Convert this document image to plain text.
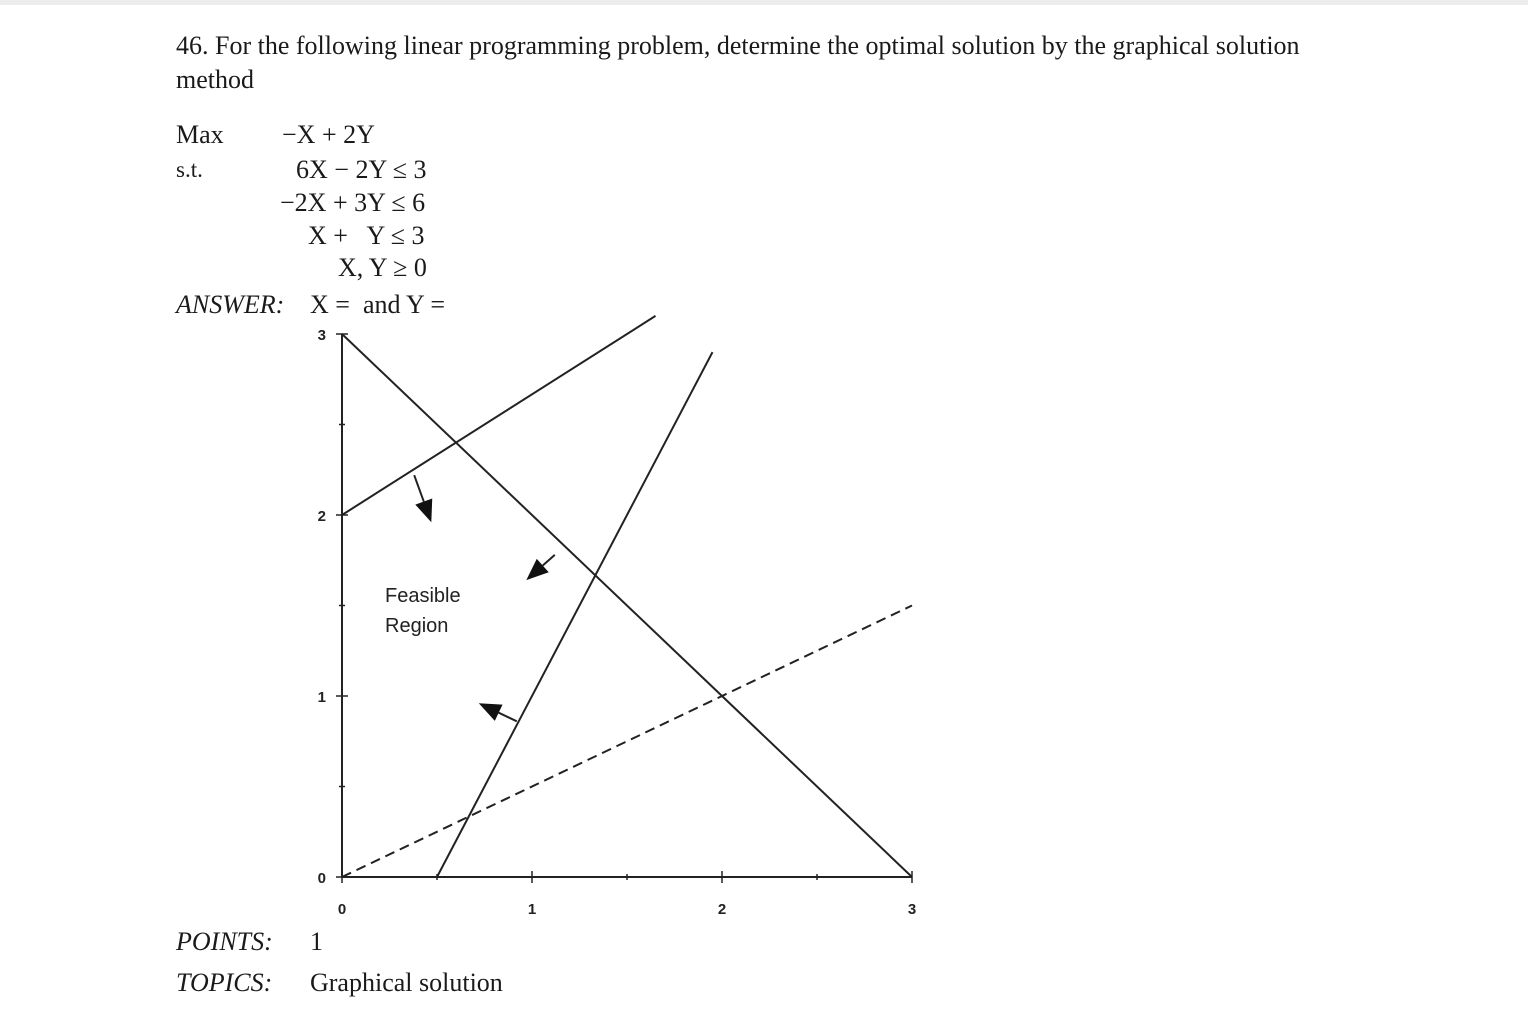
46. For the following linear programming problem, determine the optimal solution by the graphical solution method
Max −X + 2Y
s.t.	6X − 2Y ≤ 3
−2X + 3Y ≤ 6
X +   Y ≤ 3
X, Y ≥ 0
ANSWER: X =  and Y =
0	1	2	3
0
1
2
3
Feasible
Region
POINTS: 1
TOPICS: Graphical solution
